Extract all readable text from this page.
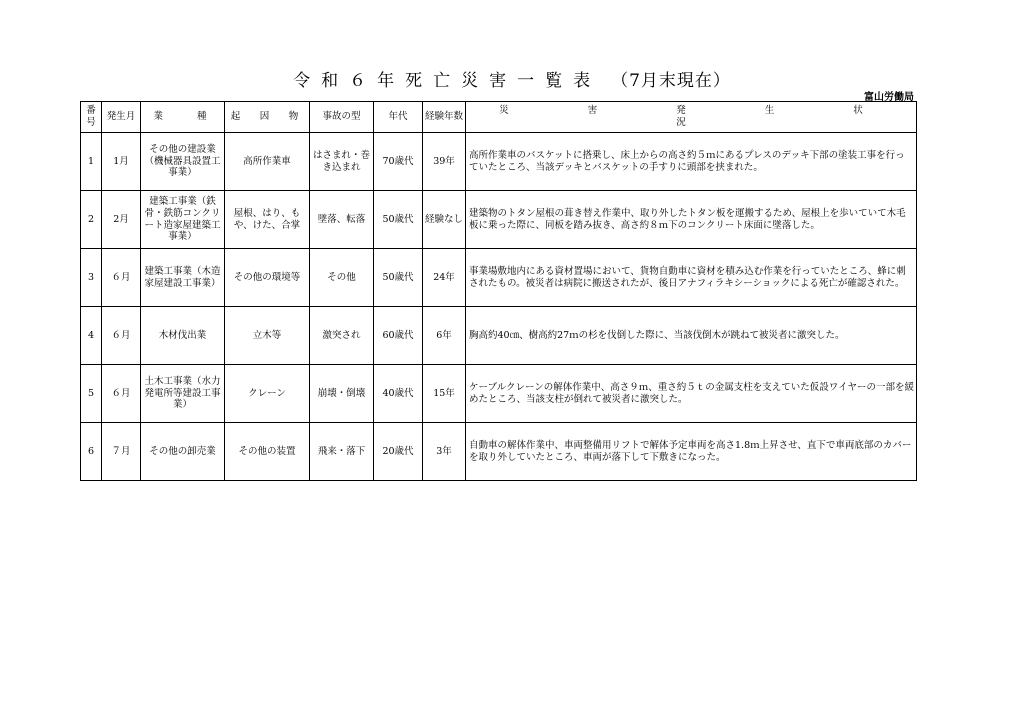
令和６年死亡災害一覧表 （7月末現在）
富山労働局
番号	発生月	業　　種	起　因　物	事故の型	年代	経験年数	災　　害　　発　　生　　状　　況
1	1月	その他の建設業（機械器具設置工事業）	高所作業車	はさまれ・巻き込まれ	70歳代	39年	高所作業車のバスケットに搭乗し、床上からの高さ約５ｍにあるプレスのデッキ下部の塗装工事を行っていたところ、当該デッキとバスケットの手すりに頭部を挟まれた。
2	2月	建築工事業（鉄骨・鉄筋コンクリート造家屋建築工事業）	屋根、はり、もや、けた、合掌	墜落、転落	50歳代	経験なし	建築物のトタン屋根の葺き替え作業中、取り外したトタン板を運搬するため、屋根上を歩いていて木毛板に乗った際に、同板を踏み抜き、高さ約８ｍ下のコンクリート床面に墜落した。
3	６月	建築工事業（木造家屋建設工事業）	その他の環境等	その他	50歳代	24年	事業場敷地内にある資材置場において、貨物自動車に資材を積み込む作業を行っていたところ、蜂に刺されたもの。被災者は病院に搬送されたが、後日アナフィラキシーショックによる死亡が確認された。
4	６月	木材伐出業	立木等	激突され	60歳代	6年	胸高約40㎝、樹高約27ｍの杉を伐倒した際に、当該伐倒木が跳ねて被災者に激突した。
5	６月	土木工事業（水力発電所等建設工事業）	クレーン	崩壊・倒壊	40歳代	15年	ケーブルクレーンの解体作業中、高さ９ｍ、重さ約５ｔの金属支柱を支えていた仮設ワイヤーの一部を緩めたところ、当該支柱が倒れて被災者に激突した。
6	７月	その他の卸売業	その他の装置	飛来・落下	20歳代	3年	自動車の解体作業中、車両整備用リフトで解体予定車両を高さ1.8ｍ上昇させ、直下で車両底部のカバーを取り外していたところ、車両が落下して下敷きになった。
